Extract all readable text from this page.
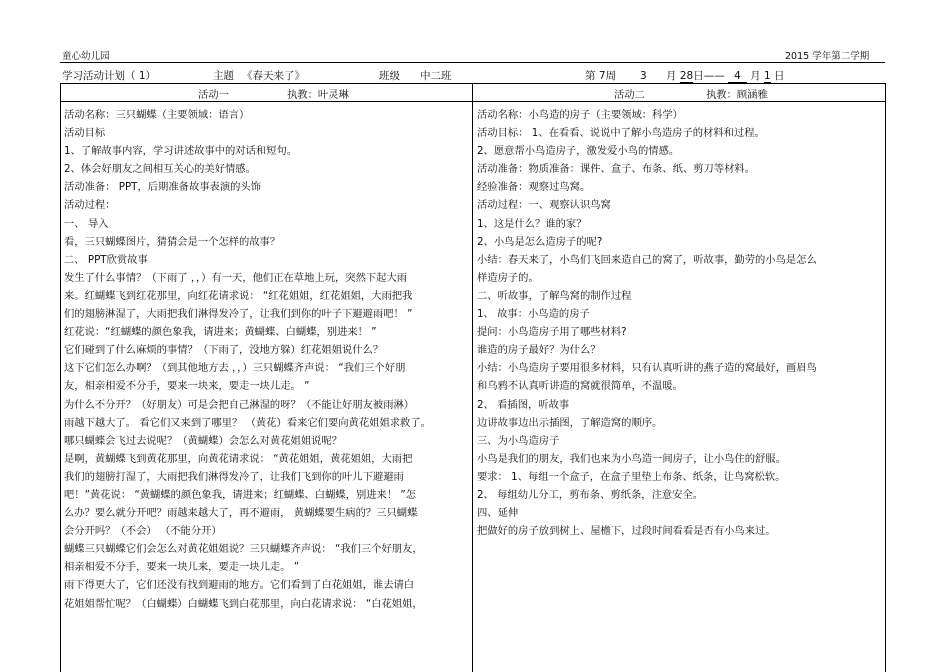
童心幼儿园	2015 学年第二学期
学习活动计划（ 1）	主题 《春天来了》	班级	中二班	第 7周 3 月 28日—— 4 月 1 日
活动一	执教：叶灵琳	活动二	执教：顾涵雅
活动名称：三只蝴蝶（主要领域：语言）
活动目标
1、了解故事内容，学习讲述故事中的对话和短句。
2、体会好朋友之间相互关心的美好情感。
活动准备： PPT，后期准备故事表演的头饰
活动过程：
一、 导入
看，三只蝴蝶图片，猜猜会是一个怎样的故事？
二、 PPT欣赏故事
发生了什么事情？（下雨了 ，，）有一天，他们正在草地上玩，突然下起大雨
来。红蝴蝶飞到红花那里，向红花请求说： “红花姐姐，红花姐姐，大雨把我
们的翅膀淋湿了，大雨把我们淋得发冷了，让我们到你的叶子下避避雨吧！ ”
红花说：“红蝴蝶的颜色象我，请进来；黄蝴蝶、白蝴蝶，别进来！ ”
它们碰到了什么麻烦的事情？（下雨了，没地方躲）红花姐姐说什么？
这下它们怎么办啊？（到其他地方去 ，，）三只蝴蝶齐声说： “我们三个好朋
友，相亲相爱不分手，要来一块来，要走一块儿走。 ”
为什么不分开？（好朋友）可是会把自己淋湿的呀？（不能让好朋友被雨淋）
雨越下越大了。 看它们又来到了哪里？ （黄花）看来它们要向黄花姐姐求救了。
哪只蝴蝶会飞过去说呢？（黄蝴蝶）会怎么对黄花姐姐说呢？
是啊，黄蝴蝶飞到黄花那里，向黄花请求说： “黄花姐姐，黄花姐姐，大雨把
我们的翅膀打湿了，大雨把我们淋得发冷了，让我们飞到你的叶儿下避避雨
吧！”黄花说： “黄蝴蝶的颜色象我，请进来；红蝴蝶、白蝴蝶，别进来！ ”怎
么办？要么就分开吧？雨越来越大了，再不避雨， 黄蝴蝶要生病的？三只蝴蝶
会分开吗？（不会） （不能分开）
蝴蝶三只蝴蝶它们会怎么对黄花姐姐说？三只蝴蝶齐声说： “我们三个好朋友，
相亲相爱不分手，要来一块儿来，要走一块儿走。 ”
雨下得更大了，它们还没有找到避雨的地方。它们看到了白花姐姐，谁去请白
花姐姐帮忙呢？（白蝴蝶）白蝴蝶飞到白花那里，向白花请求说： “白花姐姐，
活动名称：小鸟造的房子（主要领域：科学）
活动目标： 1、在看看、说说中了解小鸟造房子的材料和过程。
2、愿意帮小鸟造房子，激发爱小鸟的情感。
活动准备：物质准备：课件、盒子、布条、纸、剪刀等材料。
经验准备：观察过鸟窝。
活动过程：一、观察认识鸟窝
1、这是什么？谁的家？
2、小鸟是怎么造房子的呢?
小结：春天来了，小鸟们飞回来造自己的窝了，听故事，勤劳的小鸟是怎么
样造房子的。
二、听故事，了解鸟窝的制作过程
1、 故事：小鸟造的房子
提问：小鸟造房子用了哪些材料?
谁造的房子最好？为什么？
小结：小鸟造房子要用很多材料，只有认真听讲的燕子造的窝最好，画眉鸟
和乌鸦不认真听讲造的窝就很简单，不温暖。
2、 看插图，听故事
边讲故事边出示插图，了解造窝的顺序。
三、为小鸟造房子
小鸟是我们的朋友，我们也来为小鸟造一间房子，让小鸟住的舒服。
要求： 1、每组一个盒子，在盒子里垫上布条、纸条，让鸟窝松软。
2、 每组幼儿分工，剪布条、剪纸条，注意安全。
四、延伸
把做好的房子放到树上、屋檐下，过段时间看看是否有小鸟来过。
